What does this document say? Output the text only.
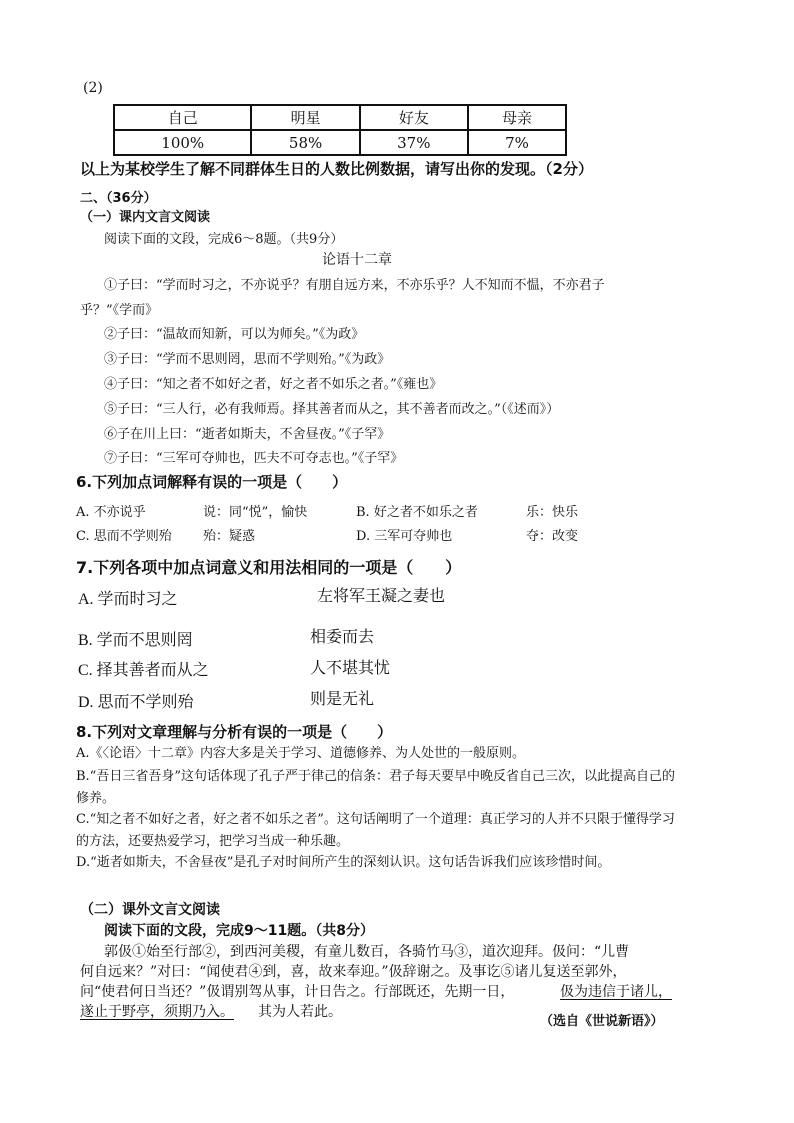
(2)
自己	明星	好友	母亲
100%	58%	37%	7%
以上为某校学生了解不同群体生日的人数比例数据，请写出你的发现。（2分）
二、（36分）
（一）课内文言文阅读
阅读下面的文段，完成6～8题。（共9分）
论语十二章
①子曰：“学而时习之，不亦说乎？有朋自远方来，不亦乐乎？人不知而不愠，不亦君子
乎？”《学而》
②子曰：“温故而知新，可以为师矣。”《为政》
③子曰：“学而不思则罔，思而不学则殆。”《为政》
④子曰：“知之者不如好之者，好之者不如乐之者。”《雍也》
⑤子曰：“三人行，必有我师焉。择其善者而从之，其不善者而改之。”（《述而》）
⑥子在川上曰：“逝者如斯夫，不舍昼夜。”《子罕》
⑦子曰：“三军可夺帅也，匹夫不可夺志也。”《子罕》
6.下列加点词解释有误的一项是（　　）
A. 不亦说乎	说：同“悦”，愉快	B. 好之者不如乐之者	乐：快乐
C. 思而不学则殆 殆：疑惑	D. 三军可夺帅也	夺：改变
7.下列各项中加点词意义和用法相同的一项是（　　）
A. 学而时习之	左将军王凝之妻也
B. 学而不思则罔	相委而去
C. 择其善者而从之	人不堪其忧
D. 思而不学则殆	则是无礼
8.下列对文章理解与分析有误的一项是（　　）
A.《〈论语〉十二章》内容大多是关于学习、道德修养、为人处世的一般原则。
B.“吾日三省吾身”这句话体现了孔子严于律己的信条：君子每天要早中晚反省自己三次，以此提高自己的修养。
C.“知之者不如好之者，好之者不如乐之者”。这句话阐明了一个道理：真正学习的人并不只限于懂得学习的方法，还要热爱学习，把学习当成一种乐趣。
D.“逝者如斯夫，不舍昼夜”是孔子对时间所产生的深刻认识。这句话告诉我们应该珍惜时间。
（二）课外文言文阅读
阅读下面的文段，完成9～11题。（共8分）
郭伋①始至行部②，到西河美稷，有童儿数百，各骑竹马③，道次迎拜。伋问：“儿曹
何自远来？”对曰：“闻使君④到，喜，故来奉迎。”伋辞谢之。及事讫⑤诸儿复送至郭外，
问“使君何日当还？”伋谓别驾从事，计日告之。行部既还，先期一日，	伋为违信于诸儿，
遂止于野亭，须期乃入。 其为人若此。
（选自《世说新语》）
